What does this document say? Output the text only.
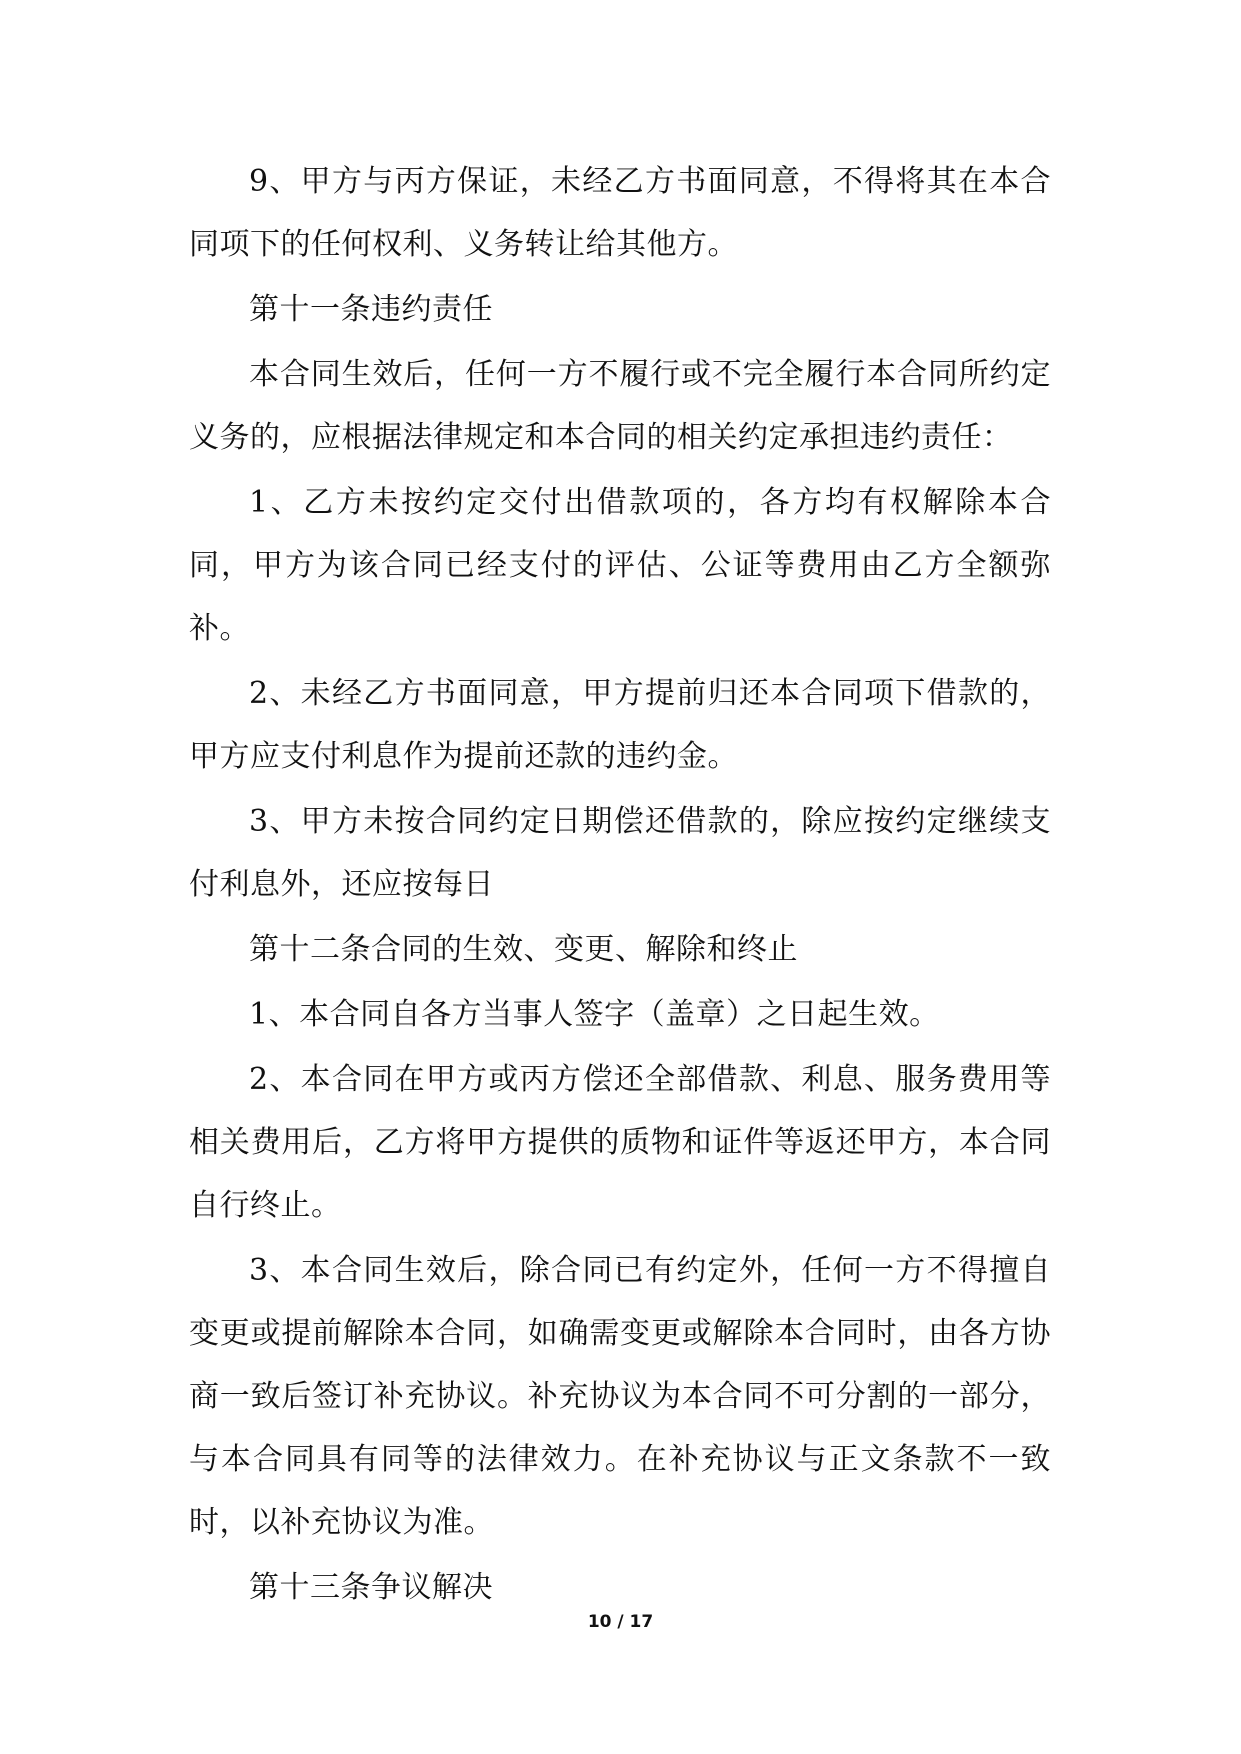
9、甲方与丙方保证，未经乙方书面同意，不得将其在本合同项下的任何权利、义务转让给其他方。

第十一条违约责任

本合同生效后，任何一方不履行或不完全履行本合同所约定义务的，应根据法律规定和本合同的相关约定承担违约责任：

1、乙方未按约定交付出借款项的，各方均有权解除本合同，甲方为该合同已经支付的评估、公证等费用由乙方全额弥补。

2、未经乙方书面同意，甲方提前归还本合同项下借款的，甲方应支付利息作为提前还款的违约金。

3、甲方未按合同约定日期偿还借款的，除应按约定继续支付利息外，还应按每日

第十二条合同的生效、变更、解除和终止

1、本合同自各方当事人签字（盖章）之日起生效。

2、本合同在甲方或丙方偿还全部借款、利息、服务费用等相关费用后，乙方将甲方提供的质物和证件等返还甲方，本合同自行终止。

3、本合同生效后，除合同已有约定外，任何一方不得擅自变更或提前解除本合同，如确需变更或解除本合同时，由各方协商一致后签订补充协议。补充协议为本合同不可分割的一部分，与本合同具有同等的法律效力。在补充协议与正文条款不一致时，以补充协议为准。

第十三条争议解决

10 / 17
